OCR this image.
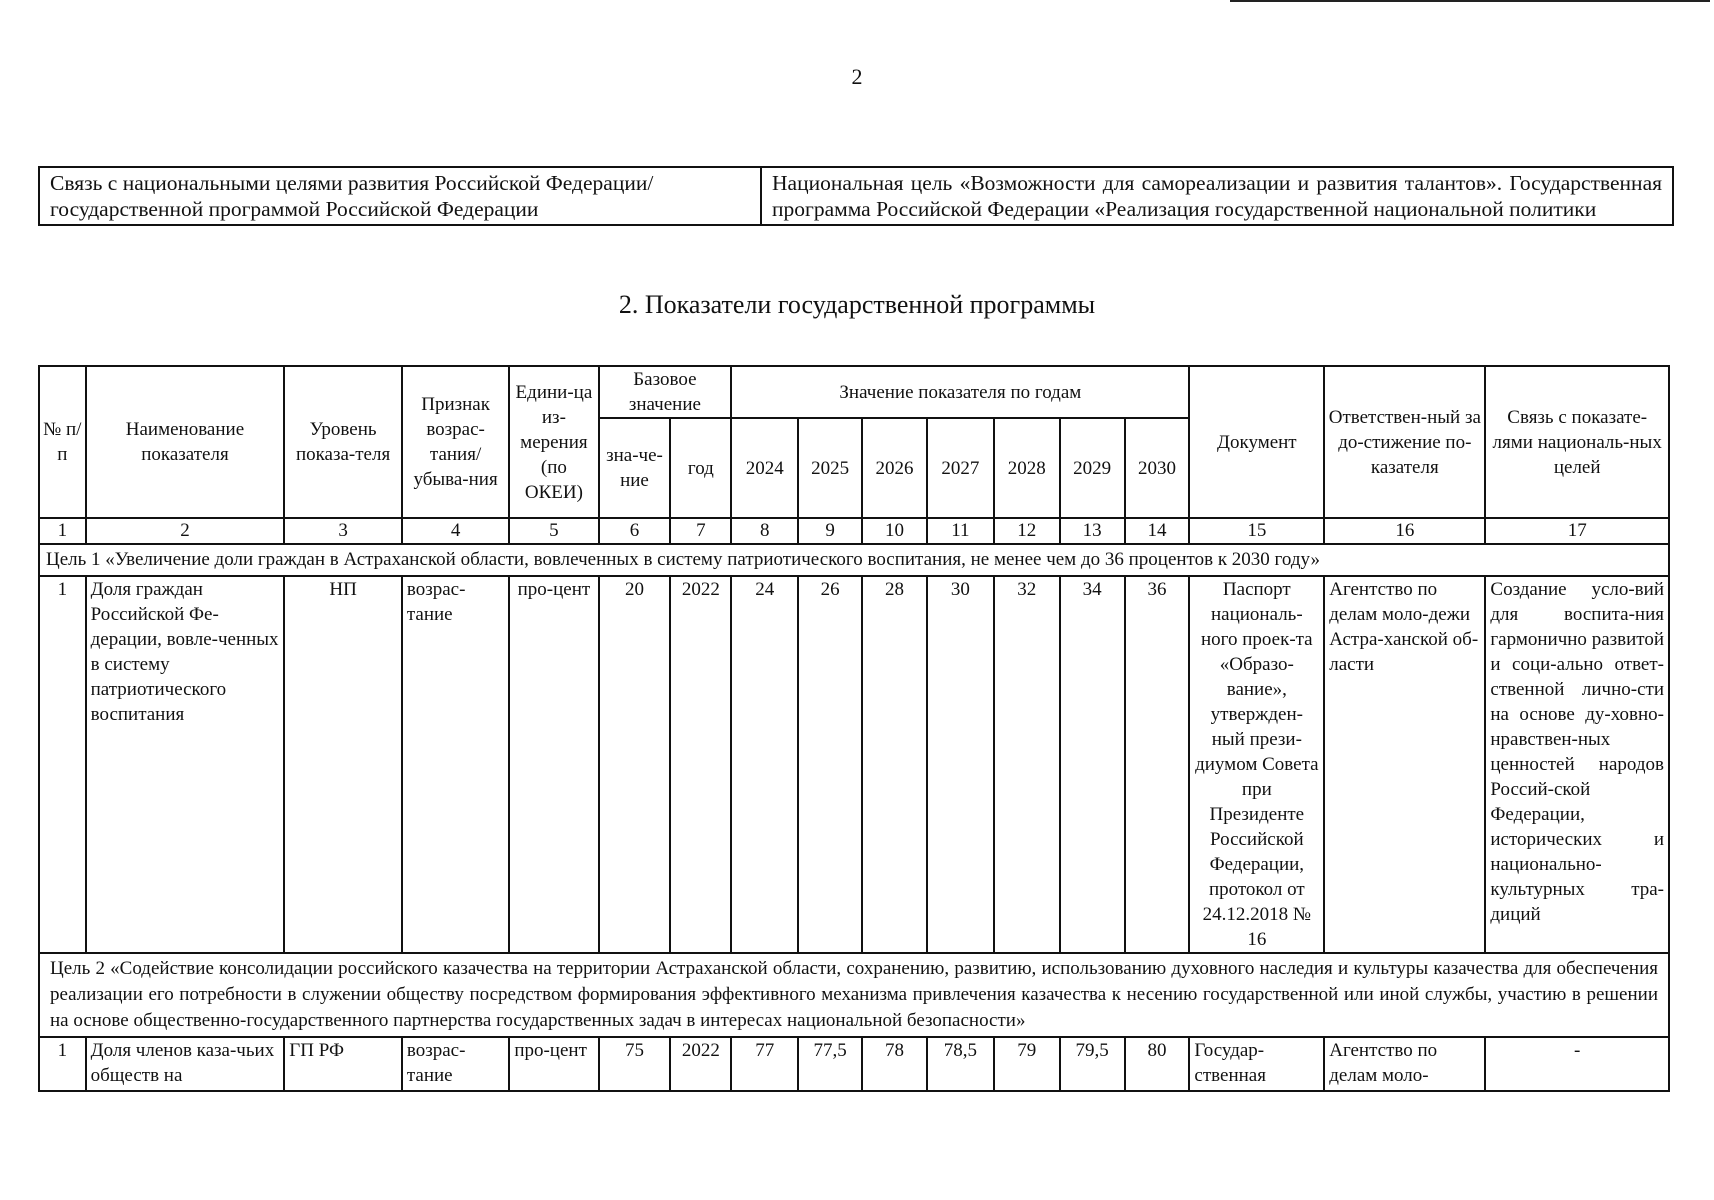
2
Связь с национальными целями развития Российской Федерации/ государственной программой Российской Федерации	Национальная цель «Возможности для самореализации и развития талантов». Государственная программа Российской Федерации «Реализация государственной национальной политики
2. Показатели государственной программы
№ п/п	Наименование показателя	Уровень показа-теля	Признак возрас-тания/ убыва-ния	Едини-ца из-мерения (по ОКЕИ)	Базовое значение		Значение показателя по годам							Документ	Ответствен-ный за до-стижение по-казателя	Связь с показате-лями националь-ных целей
					зна-че-ние	год	2024	2025	2026	2027	2028	2029	2030			
1	2	3	4	5	6	7	8	9	10	11	12	13	14	15	16	17
Цель 1 «Увеличение доли граждан в Астраханской области, вовлеченных в систему патриотического воспитания, не менее чем до 36 процентов к 2030 году»																
1	Доля граждан Российской Фе-дерации, вовле-ченных в систему патриотического воспитания	НП	возрас-тание	про-цент	20	2022	24	26	28	30	32	34	36	Паспорт националь-ного проек-та «Образо-вание», утвержден-ный прези-диумом Совета при Президенте Российской Федерации, протокол от 24.12.2018 № 16	Агентство по делам моло-дежи Астра-ханской об-ласти	Создание усло-вий для воспита-ния гармонично развитой и соци-ально ответ-ственной лично-сти на основе ду-ховно-нравствен-ных ценностей народов Россий-ской Федерации, исторических и национально-культурных тра-диций
Цель 2 «Содействие консолидации российского казачества на территории Астраханской области, сохранению, развитию, использованию духовного наследия и культуры казачества для обеспечения реализации его потребности в служении обществу посредством формирования эффективного механизма привлечения казачества к несению государственной или иной службы, участию в решении на основе общественно-государственного партнерства государственных задач в интересах национальной безопасности»																
1	Доля членов каза-чьих обществ на	ГП РФ	возрас-тание	про-цент	75	2022	77	77,5	78	78,5	79	79,5	80	Государ-ственная	Агентство по делам моло-	-
